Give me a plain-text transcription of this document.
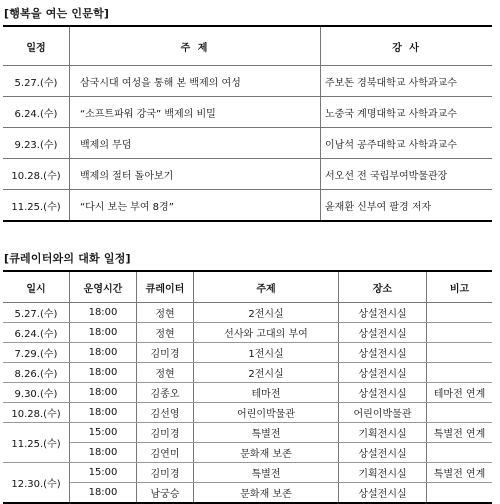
[행복을 여는 인문학]
일정	주 제	강 사
5.27.(수)	삼국시대 여성을 통해 본 백제의 여성	주보돈 경북대학교 사학과교수
6.24.(수)	“소프트파워 강국” 백제의 비밀	노중국 계명대학교 사학과교수
9.23.(수)	백제의 무덤	이남석 공주대학교 사학과교수
10.28.(수)	백제의 절터 돌아보기	서오선 전 국립부여박물관장
11.25.(수)	“다시 보는 부여 8경”	윤재환 신부여 팔경 저자
[큐레이터와의 대화 일정]
일시	운영시간	큐레이터	주제	장소	비고
5.27.(수)	18:00	정현	2전시실	상설전시실	
6.24.(수)	18:00	정현	선사와 고대의 부여	상설전시실	
7.29.(수)	18:00	김미경	1전시실	상설전시실	
8.26.(수)	18:00	정현	2전시실	상설전시실	
9.30.(수)	18:00	김종오	테마전	상설전시실	테마전 연계
10.28.(수)	18:00	김선영	어린이박물관	어린이박물관	
11.25.(수)	15:00	김미경	특별전	기획전시실	특별전 연계
	18:00	김연미	문화재 보존	상설전시실	
12.30.(수)	15:00	김미경	특별전	기획전시실	특별전 연계
	18:00	남궁승	문화재 보존	상설전시실	
